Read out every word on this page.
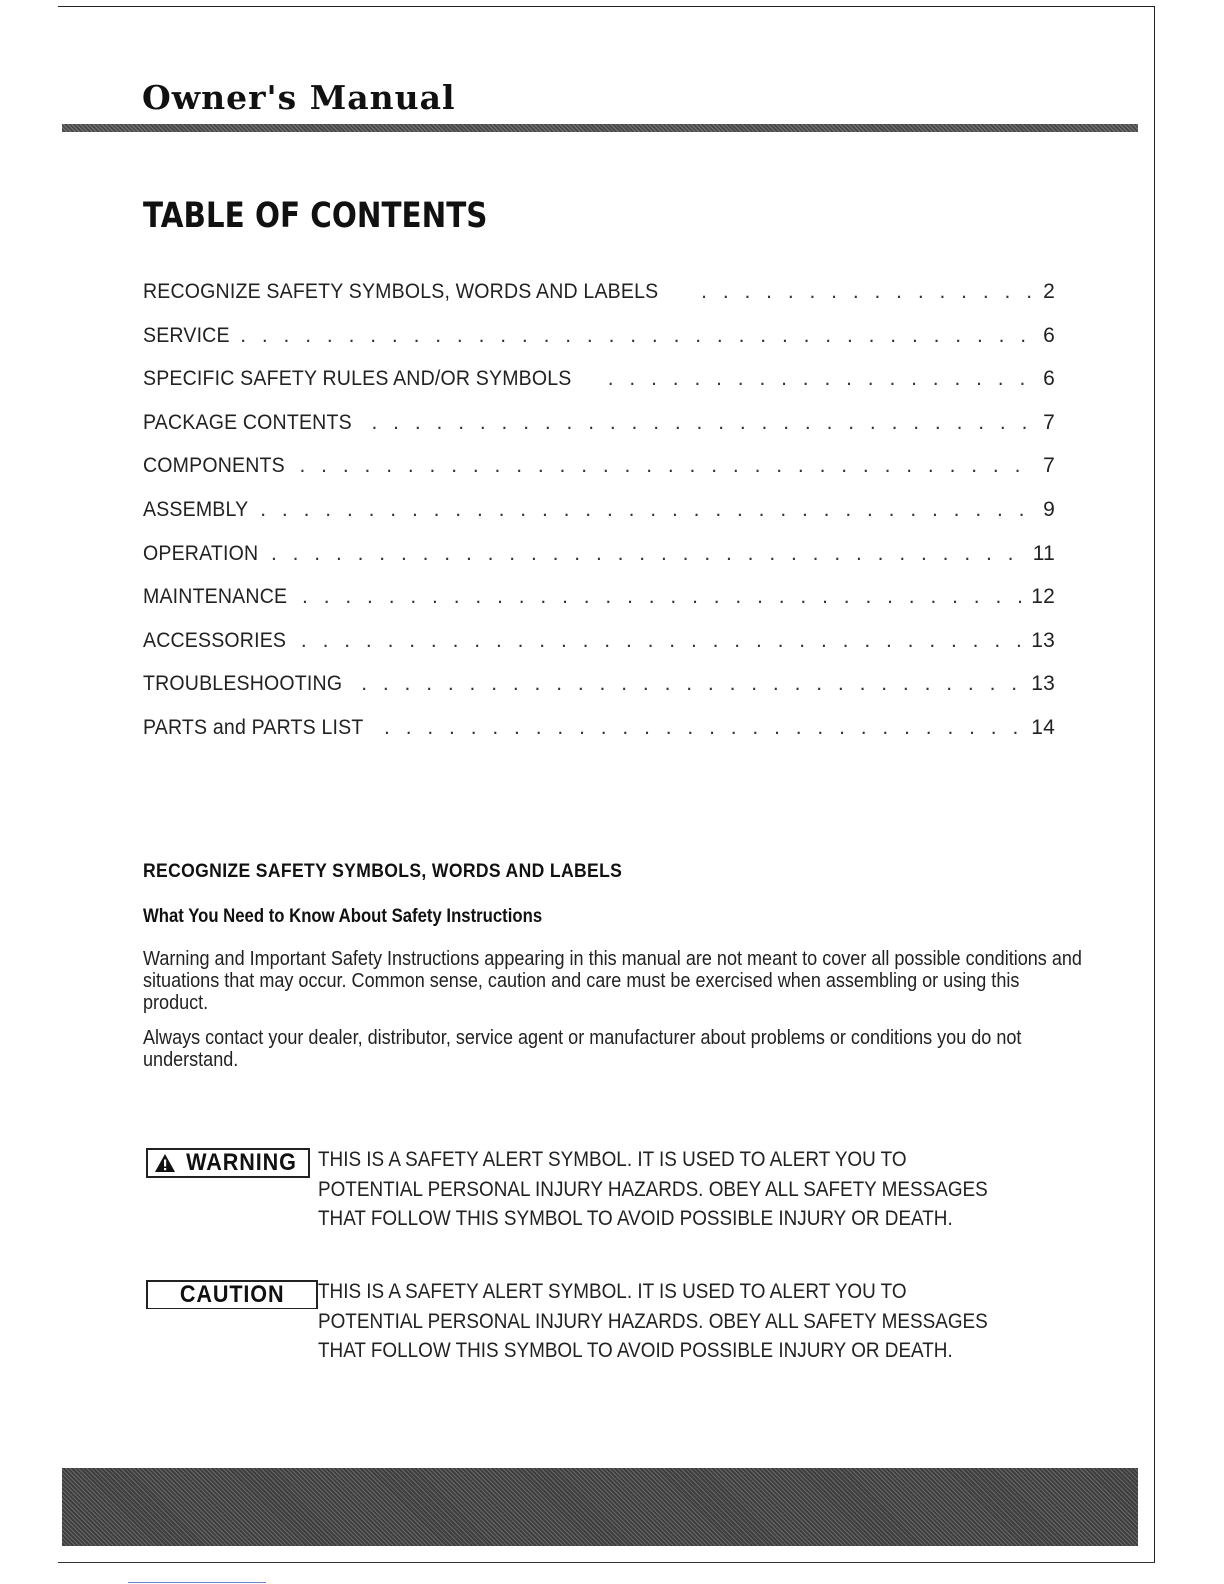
Owner's Manual
TABLE OF CONTENTS
RECOGNIZE SAFETY SYMBOLS, WORDS AND LABELS . . .	2
SERVICE . . .	6
SPECIFIC SAFETY RULES AND/OR SYMBOLS . . .	6
PACKAGE CONTENTS . . .	7
COMPONENTS . . .	7
ASSEMBLY . . .	9
OPERATION . . .	11
MAINTENANCE . . .	12
ACCESSORIES . . .	13
TROUBLESHOOTING . . .	13
PARTS and PARTS LIST . . .	14
RECOGNIZE SAFETY SYMBOLS, WORDS AND LABELS
What You Need to Know About Safety Instructions

Warning and Important Safety Instructions appearing in this manual are not meant to cover all possible conditions and situations that may occur. Common sense, caution and care must be exercised when assembling or using this product.

Always contact your dealer, distributor, service agent or manufacturer about problems or conditions you do not understand.

WARNING THIS IS A SAFETY ALERT SYMBOL. IT IS USED TO ALERT YOU TO
POTENTIAL PERSONAL INJURY HAZARDS. OBEY ALL SAFETY MESSAGES
THAT FOLLOW THIS SYMBOL TO AVOID POSSIBLE INJURY OR DEATH.
CAUTION THIS IS A SAFETY ALERT SYMBOL. IT IS USED TO ALERT YOU TO
POTENTIAL PERSONAL INJURY HAZARDS. OBEY ALL SAFETY MESSAGES
THAT FOLLOW THIS SYMBOL TO AVOID POSSIBLE INJURY OR DEATH.
